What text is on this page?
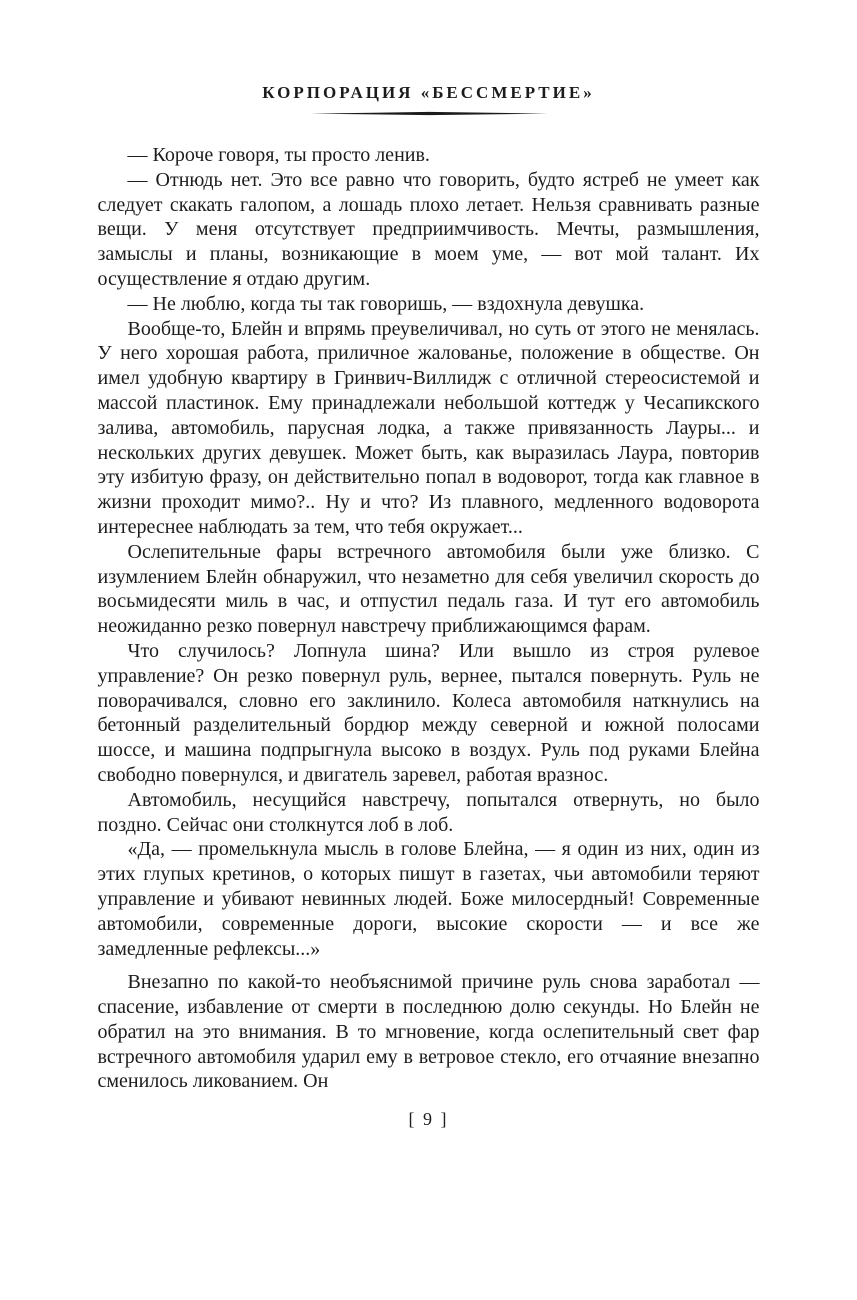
КОРПОРАЦИЯ «БЕССМЕРТИЕ»

— Короче говоря, ты просто ленив.

— Отнюдь нет. Это все равно что говорить, будто ястреб не умеет как следует скакать галопом, а лошадь плохо летает. Нельзя сравнивать разные вещи. У меня отсутствует предприимчивость. Мечты, размышления, замыслы и планы, возникающие в моем уме, — вот мой талант. Их осуществление я отдаю другим.

— Не люблю, когда ты так говоришь, — вздохнула девушка.

Вообще-то, Блейн и впрямь преувеличивал, но суть от этого не менялась. У него хорошая работа, приличное жалованье, положение в обществе. Он имел удобную квартиру в Гринвич-Виллидж с отличной стереосистемой и массой пластинок. Ему принадлежали небольшой коттедж у Чесапикского залива, автомобиль, парусная лодка, а также привязанность Лауры... и нескольких других девушек. Может быть, как выразилась Лаура, повторив эту избитую фразу, он действительно попал в водоворот, тогда как главное в жизни проходит мимо?.. Ну и что? Из плавного, медленного водоворота интереснее наблюдать за тем, что тебя окружает...

Ослепительные фары встречного автомобиля были уже близко. С изумлением Блейн обнаружил, что незаметно для себя увеличил скорость до восьмидесяти миль в час, и отпустил педаль газа. И тут его автомобиль неожиданно резко повернул навстречу приближающимся фарам.

Что случилось? Лопнула шина? Или вышло из строя рулевое управление? Он резко повернул руль, вернее, пытался повернуть. Руль не поворачивался, словно его заклинило. Колеса автомобиля наткнулись на бетонный разделительный бордюр между северной и южной полосами шоссе, и машина подпрыгнула высоко в воздух. Руль под руками Блейна свободно повернулся, и двигатель заревел, работая вразнос.

Автомобиль, несущийся навстречу, попытался отвернуть, но было поздно. Сейчас они столкнутся лоб в лоб.

«Да, — промелькнула мысль в голове Блейна, — я один из них, один из этих глупых кретинов, о которых пишут в газетах, чьи автомобили теряют управление и убивают невинных людей. Боже милосердный! Современные автомобили, современные дороги, высокие скорости — и все же замедленные рефлексы...»

Внезапно по какой-то необъяснимой причине руль снова заработал — спасение, избавление от смерти в последнюю долю секунды. Но Блейн не обратил на это внимания. В то мгновение, когда ослепительный свет фар встречного автомобиля ударил ему в ветровое стекло, его отчаяние внезапно сменилось ликованием. Он

[ 9 ]
